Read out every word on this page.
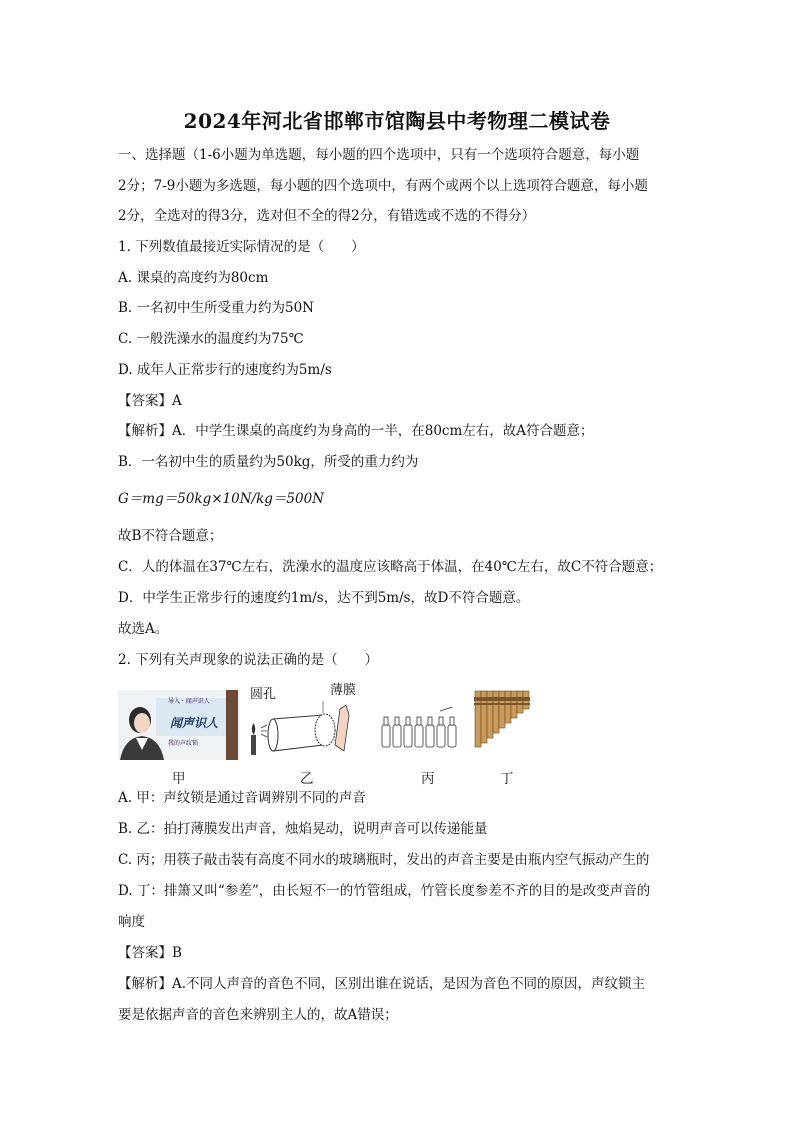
2024年河北省邯郸市馆陶县中考物理二模试卷
一、选择题（1-6小题为单选题，每小题的四个选项中，只有一个选项符合题意，每小题
2分；7-9小题为多选题，每小题的四个选项中，有两个或两个以上选项符合题意，每小题
2分，全选对的得3分，选对但不全的得2分，有错选或不选的不得分）
1. 下列数值最接近实际情况的是（　　）
A. 课桌的高度约为80cm
B. 一名初中生所受重力约为50N
C. 一般洗澡水的温度约为75℃
D. 成年人正常步行的速度约为5m/s
【答案】A
【解析】A．中学生课桌的高度约为身高的一半，在80cm左右，故A符合题意；
B．一名初中生的质量约为50kg，所受的重力约为
G＝mg＝50kg×10N/kg＝500N
故B不符合题意；
C．人的体温在37℃左右，洗澡水的温度应该略高于体温，在40℃左右，故C不符合题意；
D．中学生正常步行的速度约1m/s，达不到5m/s，故D不符合题意。
故选A。
2. 下列有关声现象的说法正确的是（　　）
导入 · 闻声识人
闻声识人
我的声纹锁
圆孔	薄膜
甲	乙	丙	丁
A. 甲：声纹锁是通过音调辨别不同的声音
B. 乙：拍打薄膜发出声音，烛焰晃动，说明声音可以传递能量
C. 丙；用筷子敲击装有高度不同水的玻璃瓶时，发出的声音主要是由瓶内空气振动产生的
D. 丁：排箫又叫“参差”，由长短不一的竹管组成，竹管长度参差不齐的目的是改变声音的
响度
【答案】B
【解析】A.不同人声音的音色不同，区别出谁在说话，是因为音色不同的原因，声纹锁主
要是依据声音的音色来辨别主人的，故A错误；
